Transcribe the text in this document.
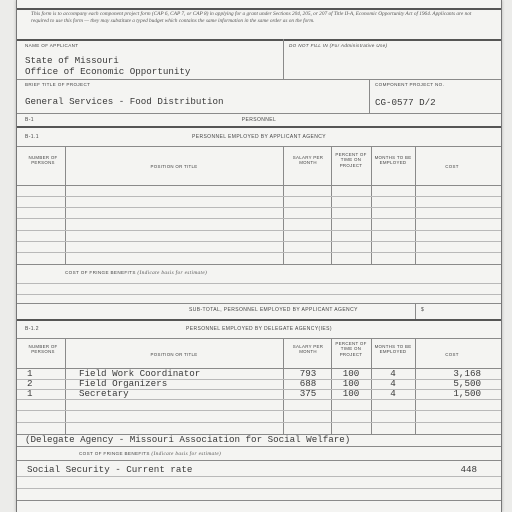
This form is to accompany each component project form (CAP 6, CAP 7, or CAP 8) in applying for a grant under Sections 204, 205, or 207 of Title II-A, Economic Opportunity Act of 1964. Applicants are not required to use this form — they may substitute a typed budget which contains the same information in the same order as on the form.
NAME OF APPLICANT	DO NOT FILL IN (For Administrative Use)
State of Missouri
Office of Economic Opportunity
BRIEF TITLE OF PROJECT	COMPONENT PROJECT NO.
General Services - Food Distribution	CG-0577 D/2
B-1	PERSONNEL
B-1.1	PERSONNEL EMPLOYED BY APPLICANT AGENCY
NUMBER OF PERSONS
POSITION OR TITLE
SALARY PER MONTH
PERCENT OF TIME ON PROJECT
MONTHS TO BE EMPLOYED
COST
COST OF FRINGE BENEFITS (Indicate basis for estimate)
SUB-TOTAL, PERSONNEL EMPLOYED BY APPLICANT AGENCY	$
B-1.2	PERSONNEL EMPLOYED BY DELEGATE AGENCY(IES)
NUMBER OF PERSONS
POSITION OR TITLE
SALARY PER MONTH
PERCENT OF TIME ON PROJECT
MONTHS TO BE EMPLOYED
COST
1	Field Work Coordinator	793	100	4	3,168
2	Field Organizers	688	100	4	5,500
1	Secretary	375	100	4	1,500
(Delegate Agency - Missouri Association for Social Welfare)
COST OF FRINGE BENEFITS (Indicate basis for estimate)
Social Security - Current rate	448
